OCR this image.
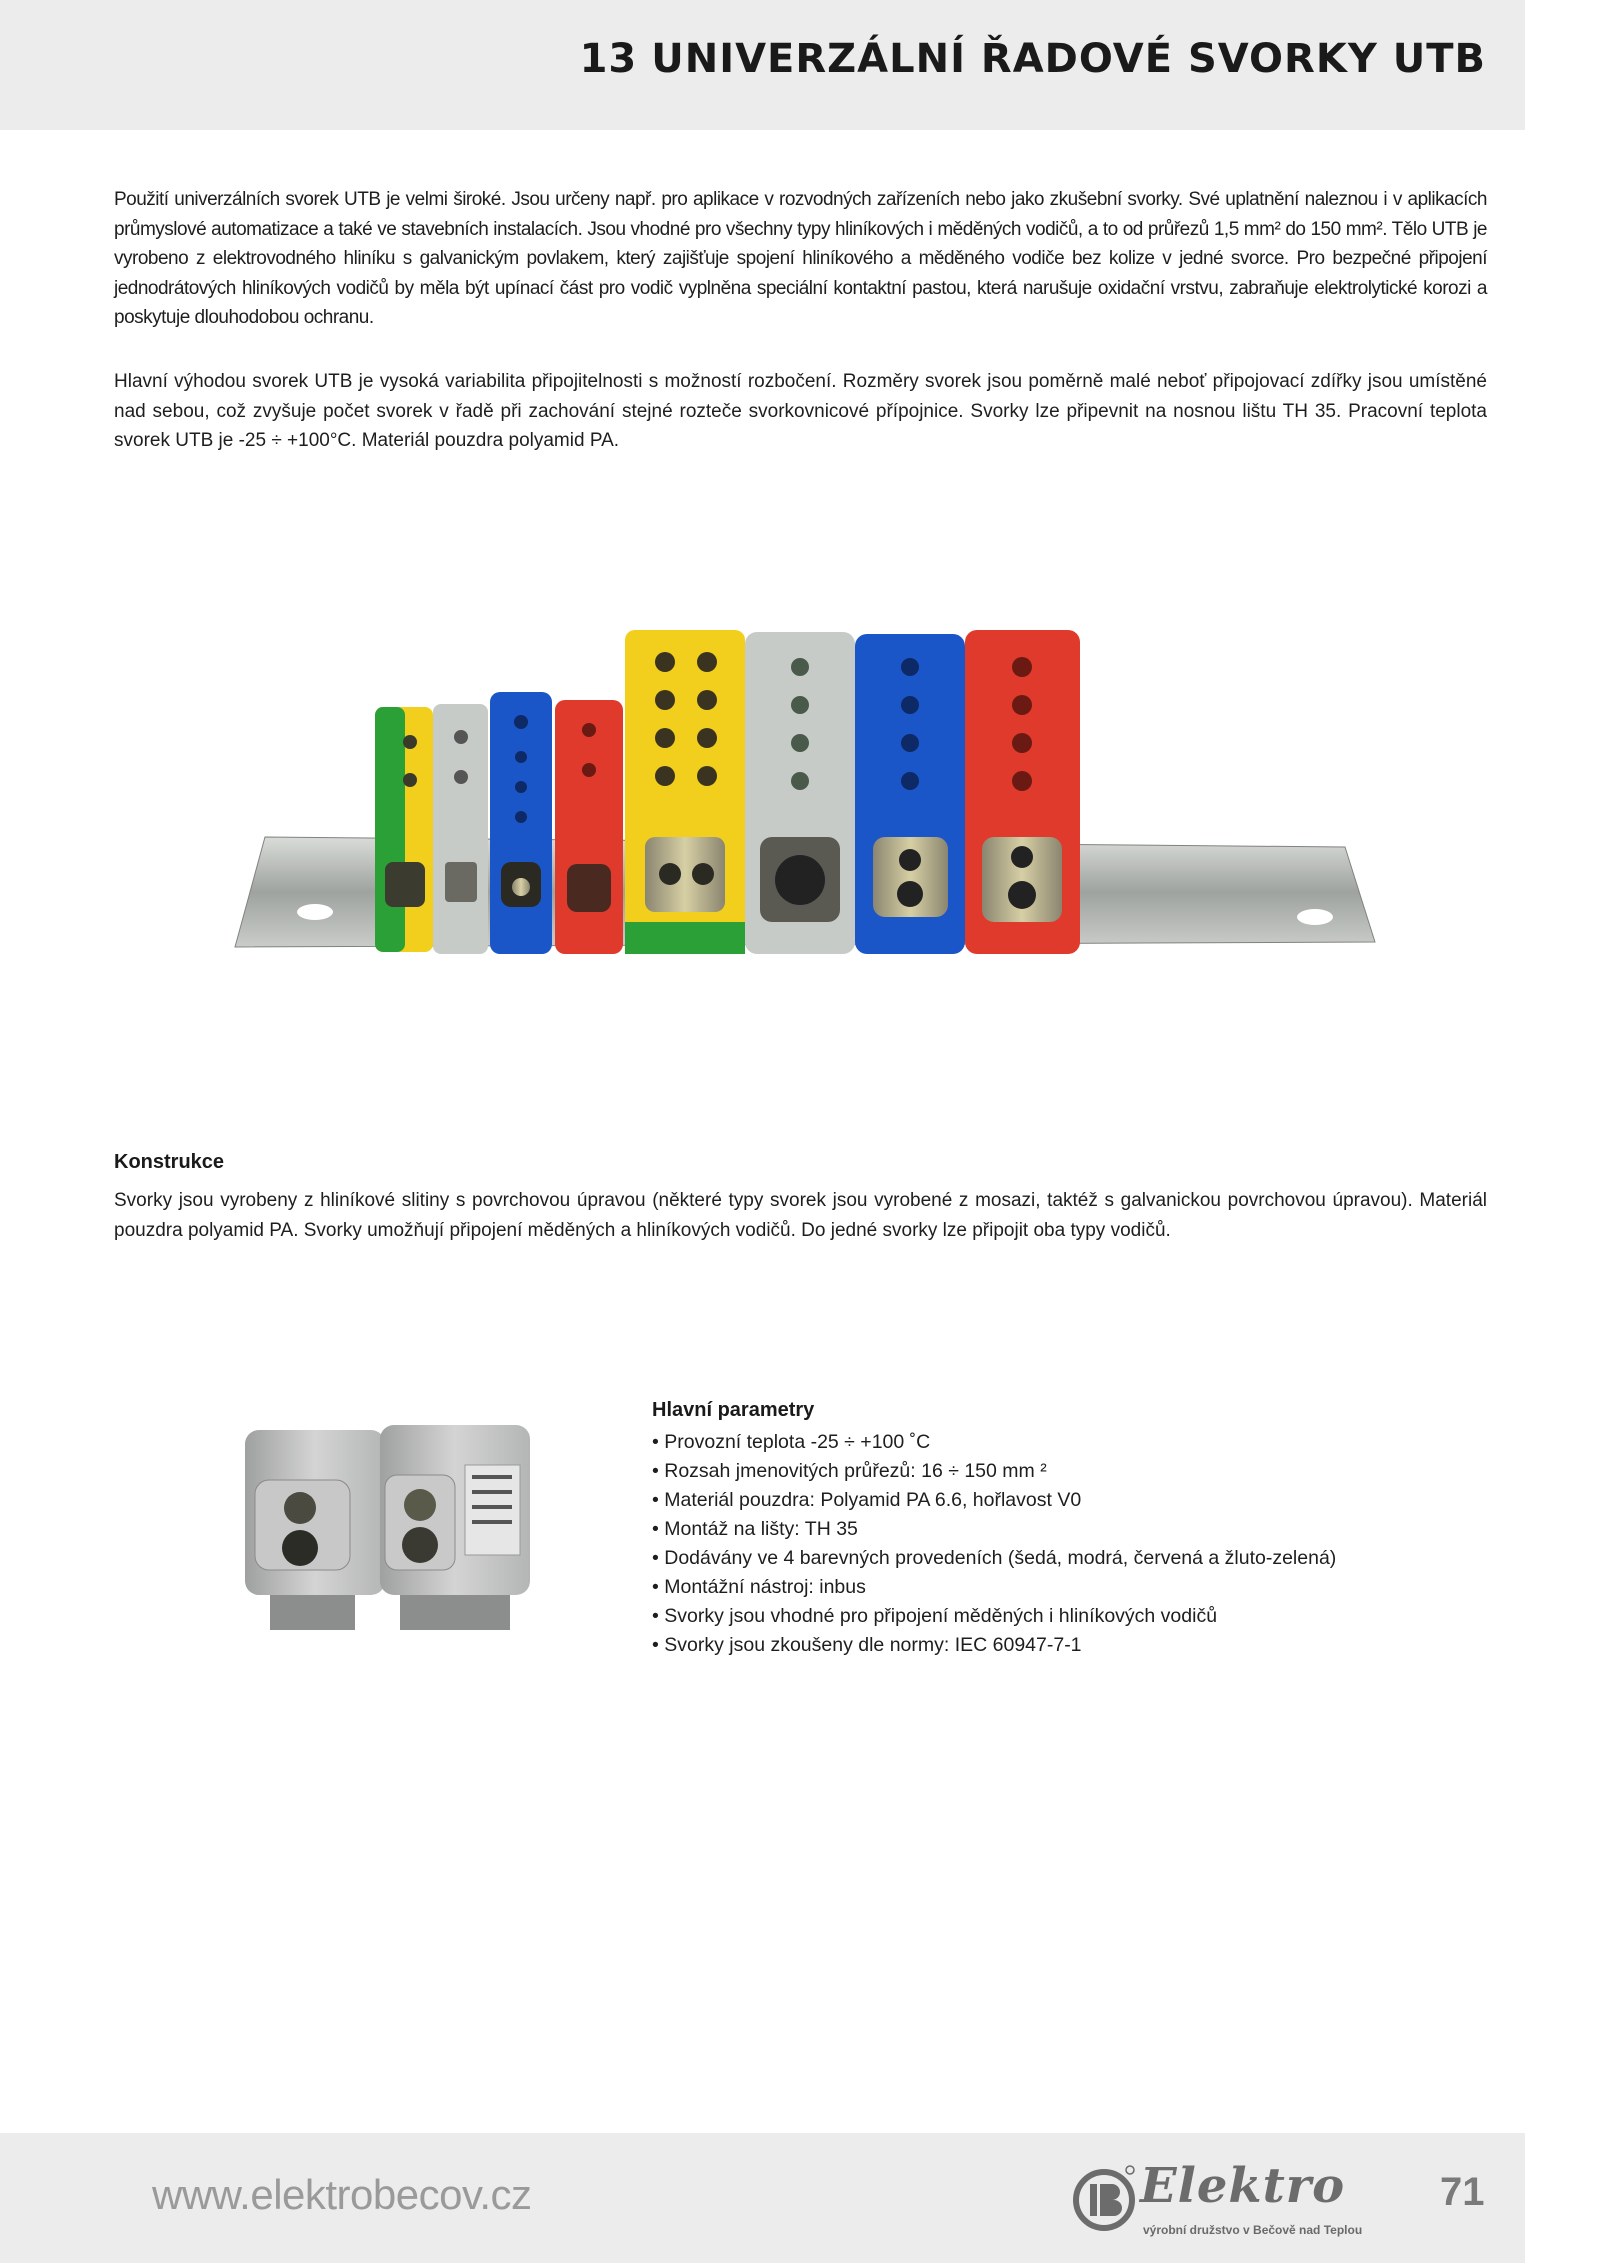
13 UNIVERZÁLNÍ ŘADOVÉ SVORKY UTB

Použití univerzálních svorek UTB je velmi široké. Jsou určeny např. pro aplikace v rozvodných zařízeních nebo jako zkušební svorky. Své uplatnění naleznou i v aplikacích průmyslové automatizace a také ve stavebních instalacích. Jsou vhodné pro všechny typy hliníkových i měděných vodičů, a to od průřezů 1,5 mm² do 150 mm². Tělo UTB je vyrobeno z elektrovodného hliníku s galvanickým povlakem, který zajišťuje spojení hliníkového a měděného vodiče bez kolize v jedné svorce. Pro bezpečné připojení jednodrátových hliníkových vodičů by měla být upínací část pro vodič vyplněna speciální kontaktní pastou, která narušuje oxidační vrstvu, zabraňuje elektrolytické korozi a poskytuje dlouhodobou ochranu.

Hlavní výhodou svorek UTB je vysoká variabilita připojitelnosti s možností rozbočení. Rozměry svorek jsou poměrně malé neboť připojovací zdířky jsou umístěné nad sebou, což zvyšuje počet svorek v řadě při zachování stejné rozteče svorkovnicové přípojnice. Svorky lze připevnit na nosnou lištu TH 35. Pracovní teplota svorek UTB je -25 ÷ +100°C. Materiál pouzdra polyamid PA.

Konstrukce

Svorky jsou vyrobeny z hliníkové slitiny s povrchovou úpravou (některé typy svorek jsou vyrobené z mosazi, taktéž s galvanickou povrchovou úpravou). Materiál pouzdra polyamid PA. Svorky umožňují připojení měděných a hliníkových vodičů. Do jedné svorky lze připojit oba typy vodičů.

Hlavní parametry
• Provozní teplota -25 ÷ +100 ˚C
• Rozsah jmenovitých průřezů: 16 ÷ 150 mm ²
• Materiál pouzdra: Polyamid PA 6.6, hořlavost V0
• Montáž na lišty: TH 35
• Dodávány ve 4 barevných provedeních (šedá, modrá, červená a žluto-zelená)
• Montážní nástroj: inbus
• Svorky jsou vhodné pro připojení měděných i hliníkových vodičů
• Svorky jsou zkoušeny dle normy: IEC 60947-7-1
www.elektrobecov.cz	Elektro
výrobní družstvo v Bečově nad Teplou
71
